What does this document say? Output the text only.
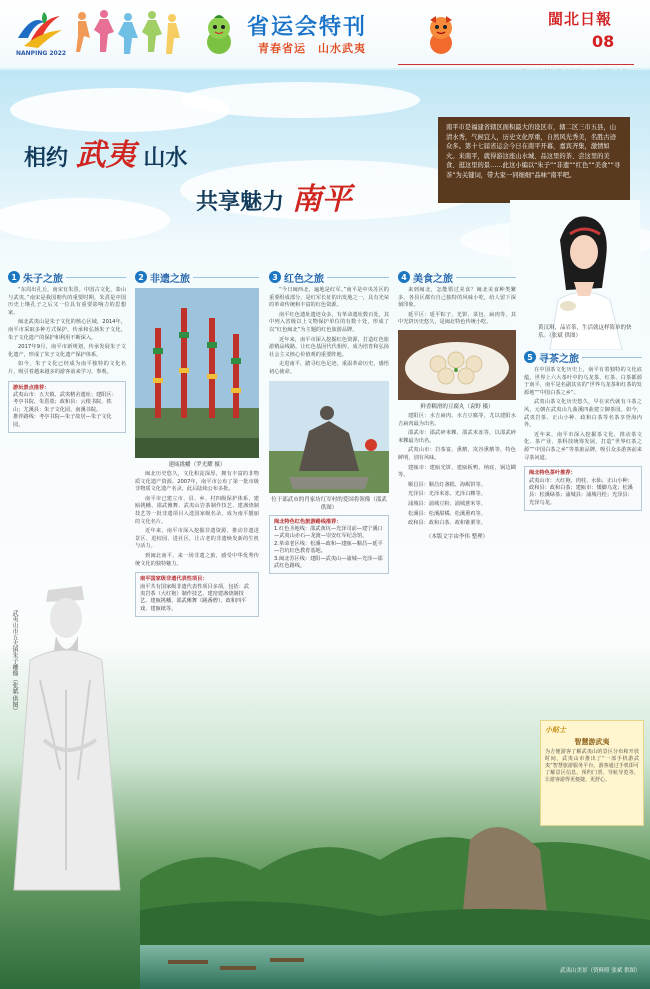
NANPING 2022
省运会特刊
青春省运　山水武夷
閩北日報
08
相约 武夷 山水
共享魅力 南平
南平市是福建省辖区面积最大的设区市，辖二区三市五县，山清水秀，气候宜人，历史文化厚重，自然风光秀美，名胜古迹众多。第十七届省运会今日在南平开幕，嘉宾齐集，激情如火。来南平，就得游这座山水城、品这里的茶、尝这里的美食、逛这里的景……此这小编以“朱子”“非遗”“红色”“美食”“寻茶”为关键词，带大家一同细细“品味”南平吧。
黄汉琪，品岩茶，生活就这样简单的快乐。（张斌 供图）
1 朱子之旅

“东周出孔丘，南宋有朱熹。中国古文化，泰山与武夷。”南宋是我国朝代的重要时期，朱熹是中国历史上继孔子之后又一位具有重要影响力的思想家。

闽北武夷山是朱子文化的核心区域，2014年，南平市采取多种方式保护，传承和弘扬朱子文化，朱子文化遗产的保护和利用不断深入。

2017年9月，南平市新规划，传承发展朱子文化遗产，形成了朱子文化遗产保护体系。

如今，朱子文化已经成为南平独特的文化名片，吸引着越来越多的游客前来学习、参观。

游玩景点推荐：
武夷山市：五夫镇、武夷精舍遗址；建阳区：考亭书院、朱熹墓；政和县：云根书院、铁山；尤溪县：朱子文化园、南溪书院。
推荐路线：考亭书院—朱子故居—朱子文化园。
武夷山市五夫镇朱子雕像（张斌 供图）
2 非遗之旅
建瓯挑幡（罗光耀 摄）

闽北历史悠久，文化积淀深厚，拥有丰富的非物质文化遗产资源。2007年，南平市公布了第一批市级非物质文化遗产名录，此后陆续公布多批。

南平市已建立市、县、乡、村四级保护体系，建瓯挑幡、邵武傩舞、武夷山岩茶制作技艺、建盏烧制技艺等一批非遗项目入选国家级名录，成为南平靓丽的文化名片。

近年来，南平市深入挖掘非遗资源，推动非遗进景区、进校园、进社区，让古老的非遗焕发新的生机与活力。

到闽北南平，来一场非遗之旅，感受中华优秀传统文化的独特魅力。

南平国家级非遗代表性项目：
南平共有国家级非遗代表性项目多项，包括：武夷岩茶（大红袍）制作技艺、建窑建盏烧制技艺、建瓯挑幡、邵武傩舞（跳番僧）、政和四平戏、建瓯纸等。
3 红色之旅

“今日闽西北，遍地是红军。”南平是中央苏区的重要组成部分，是红军长征的出发地之一，具有光荣的革命传统和丰富的红色资源。

南平红色遗址遗迹众多，有革命遗址数百处，其中列入省级以上文物保护单位的有数十处，形成了以“红色闽北”为主题的红色旅游品牌。

近年来，南平市深入挖掘红色资源，打造红色旅游精品线路，让红色基因代代相传，成为培育和弘扬社会主义核心价值观的重要阵地。

走进南平，踏寻红色足迹，重温革命历史，感悟初心使命。

位于邵武市的肖家坊红军村的爱国将领像（邵武 供图）
闽北特色红色旅游路线推荐：
1.红色圣地线：邵武黄坑—光泽司前—建宁溪口—武夷山赤石—龙渡—崇安红军纪念馆。
2.革命老区线：松溪—政和—建瓯—顺昌—延平—岩坑红色教育基地。
3.闽北苏区线：建阳—武夷山—浦城—光泽—邵武红色路线。
4 美食之旅

来到闽北，怎能错过美食？闽北美食种类繁多，各县区都有自己独特的风味小吃，给人留下深刻印象。

延平区：延平粽子、光饼、菜包、扁肉等，其中光饼历史悠久，是闽北特色传统小吃。

鲜香糯滑的豆腐丸（袁野 摄）

建阳区：水吉扁肉、水吉豆腐等，尤以建阳水吉扁肉最为出名。

邵武市：邵武碎米粿、邵武米冻等，以邵武碎米粿最为出名。

武夷山市：岩茶宴、熏鹅、岚谷熏鹅等，特色鲜明，别有风味。

建瓯市：建瓯光饼、建瓯板鸭、纳底、锅边糊等。

顺昌县：顺昌灯盏糕、海蛎饼等。

光泽县：光泽米冻、光泽白粿等。

浦城县：浦城豆粉、浦城薏米等。

松溪县：松溪甜橘、松溪熏鸡等。

政和县：政和白茶、政和锥栗等。

（本版文字由李伟 整理）
5 寻茶之旅

在中国茶文化历史上，南平有着独特的文化底蕴。世界上六大茶叶中的乌龙茶、红茶、白茶都源于南平，南平是名副其实的“世界乌龙茶和红茶的发源地”“中国白茶之乡”。

武夷山茶文化历史悠久，早在宋代就有斗茶之风，元朝在武夷山九曲溪四曲建立御茶园。如今，武夷岩茶、正山小种、政和白茶等名茶享誉海内外。

近年来，南平市深入挖掘茶文化，推动茶文化、茶产业、茶科技统筹发展，打造“世界红茶之源”“中国白茶之乡”等茶旅品牌，吸引众多游客前来寻茶问道。

闽北特色茶叶推荐：
武夷山市：大红袍、肉桂、水仙、正山小种；政和县：政和白茶；建瓯市：矮脚乌龙；松溪县：松溪绿茶；浦城县：浦城丹桂；光泽县：光泽乌龙。
小贴士
智慧游武夷
为方便游客了解武夷山的景区分布和开放时间，武夷山市推出了“一部手机游武夷”智慧旅游服务平台，游客通过手机即可了解景区信息、预约门票、导航导览等，让游客游得更便捷、更舒心。
武夷山美景（资料照 张斌 供图）
